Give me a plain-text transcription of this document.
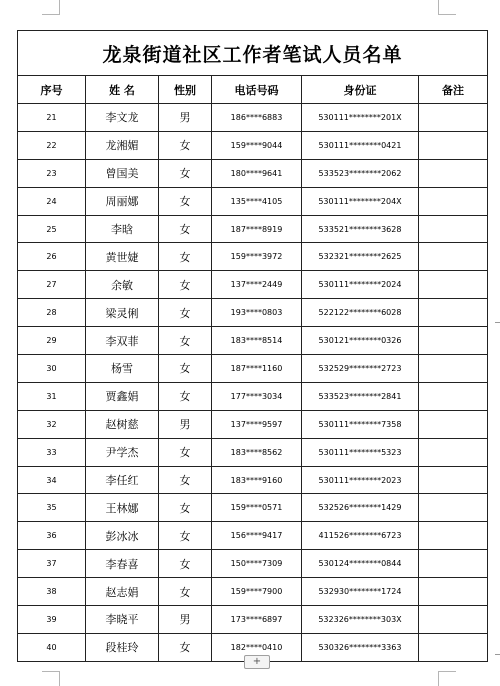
龙泉街道社区工作者笔试人员名单					
序号	姓 名	性别	电话号码	身份证	备注
21	李文龙	男	186****6883	530111********201X	
22	龙湘媚	女	159****9044	530111********0421	
23	曾国美	女	180****9641	533523********2062	
24	周丽娜	女	135****4105	530111********204X	
25	李晗	女	187****8919	533521********3628	
26	黄世婕	女	159****3972	532321********2625	
27	余敏	女	137****2449	530111********2024	
28	梁灵俐	女	193****0803	522122********6028	
29	李双菲	女	183****8514	530121********0326	
30	杨雪	女	187****1160	532529********2723	
31	贾鑫娟	女	177****3034	533523********2841	
32	赵树慈	男	137****9597	530111********7358	
33	尹学杰	女	183****8562	530111********5323	
34	李任红	女	183****9160	530111********2023	
35	王林娜	女	159****0571	532526********1429	
36	彭冰冰	女	156****9417	411526********6723	
37	李春喜	女	150****7309	530124********0844	
38	赵志娟	女	159****7900	532930********1724	
39	李晓平	男	173****6897	532326********303X	
40	段桂玲	女	182****0410	530326********3363	
+
